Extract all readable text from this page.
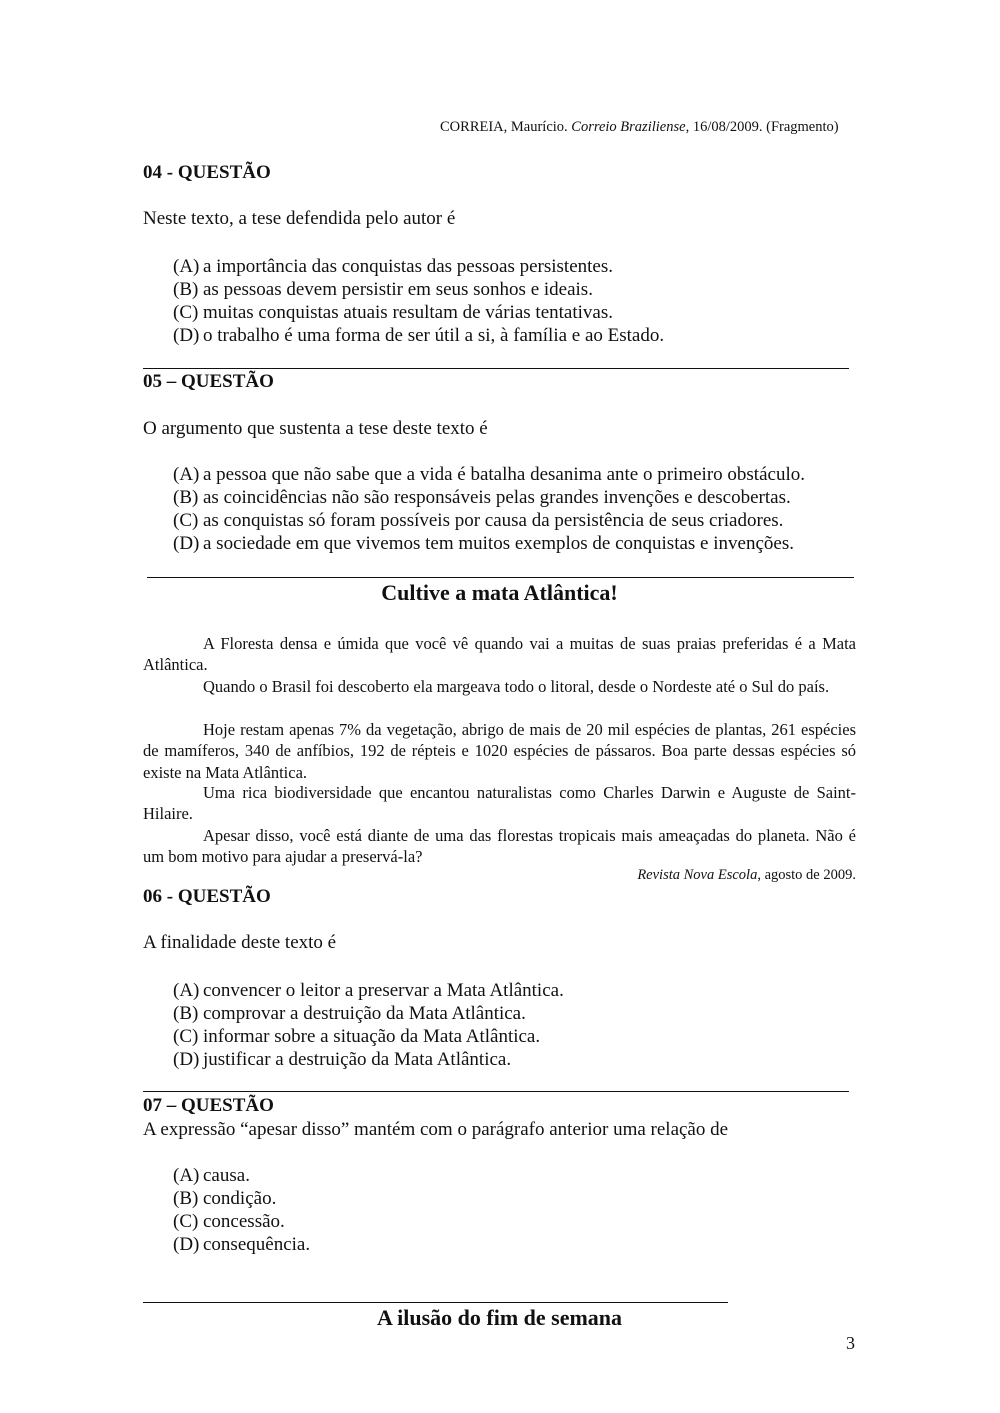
CORREIA, Maurício. Correio Braziliense, 16/08/2009. (Fragmento)
04 - QUESTÃO
Neste texto, a tese defendida pelo autor é
(A) a importância das conquistas das pessoas persistentes.
(B) as pessoas devem persistir em seus sonhos e ideais.
(C) muitas conquistas atuais resultam de várias tentativas.
(D) o trabalho é uma forma de ser útil a si, à família e ao Estado.
05 – QUESTÃO
O argumento que sustenta a tese deste texto é
(A) a pessoa que não sabe que a vida é batalha desanima ante o primeiro obstáculo.
(B) as coincidências não são responsáveis pelas grandes invenções e descobertas.
(C) as conquistas só foram possíveis por causa da persistência de seus criadores.
(D) a sociedade em que vivemos tem muitos exemplos de conquistas e invenções.
Cultive a mata Atlântica!
A Floresta densa e úmida que você vê quando vai a muitas de suas praias preferidas é a Mata Atlântica.
Quando o Brasil foi descoberto ela margeava todo o litoral, desde o Nordeste até o Sul do país.
Hoje restam apenas 7% da vegetação, abrigo de mais de 20 mil espécies de plantas, 261 espécies de mamíferos, 340 de anfíbios, 192 de répteis e 1020 espécies de pássaros. Boa parte dessas espécies só existe na Mata Atlântica.
Uma rica biodiversidade que encantou naturalistas como Charles Darwin e Auguste de Saint-Hilaire.
Apesar disso, você está diante de uma das florestas tropicais mais ameaçadas do planeta. Não é um bom motivo para ajudar a preservá-la?
Revista Nova Escola, agosto de 2009.
06 - QUESTÃO
A finalidade deste texto é
(A) convencer o leitor a preservar a Mata Atlântica.
(B) comprovar a destruição da Mata Atlântica.
(C) informar sobre a situação da Mata Atlântica.
(D) justificar a destruição da Mata Atlântica.
07 – QUESTÃO
A expressão “apesar disso” mantém com o parágrafo anterior uma relação de
(A) causa.
(B) condição.
(C) concessão.
(D) consequência.
A ilusão do fim de semana
3
